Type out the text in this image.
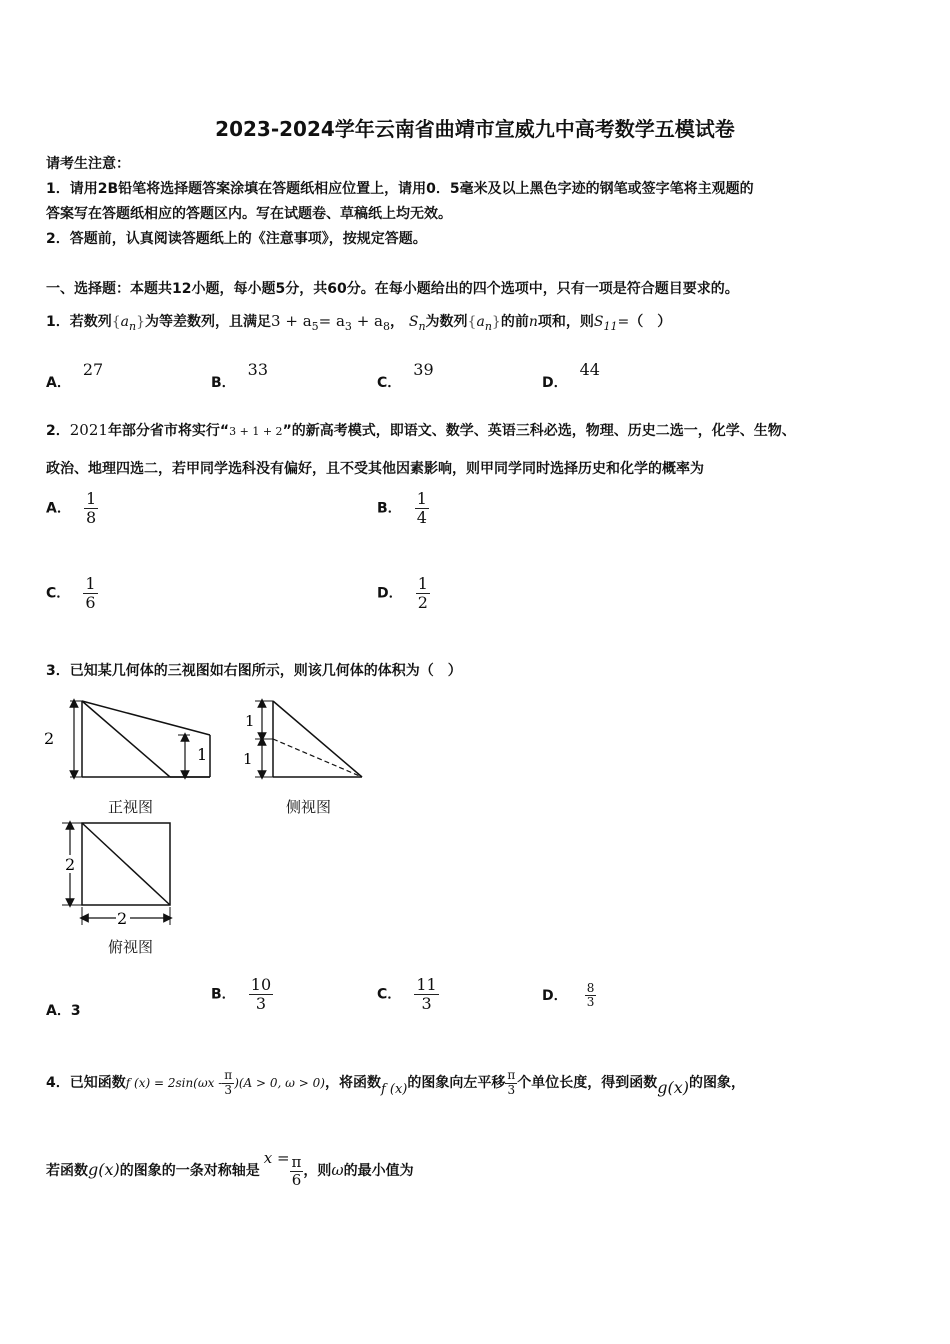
2023-2024学年云南省曲靖市宣威九中高考数学五模试卷
请考生注意：
1．请用2B铅笔将选择题答案涂填在答题纸相应位置上，请用0．5毫米及以上黑色字迹的钢笔或签字笔将主观题的
答案写在答题纸相应的答题区内。写在试题卷、草稿纸上均无效。
2．答题前，认真阅读答题纸上的《注意事项》，按规定答题。
一、选择题：本题共12小题，每小题5分，共60分。在每小题给出的四个选项中，只有一项是符合题目要求的。
1．若数列$\{a_n\}$为等差数列，且满足$3 + a_5= a_3 + a_8$， $S_n$为数列$\{a_n\}$的前n项和，则$S_{11}=$（　）
A．27
B．33
C．39
D．44
2．2021年部分省市将实行“3 + 1 + 2”的新高考模式，即语文、数学、英语三科必选，物理、历史二选一，化学、生物、
政治、地理四选二，若甲同学选科没有偏好，且不受其他因素影响，则甲同学同时选择历史和化学的概率为
A． $\frac{1}{8}$	B． $\frac{1}{4}$
C． $\frac{1}{6}$	D． $\frac{1}{2}$
3．已知某几何体的三视图如右图所示，则该几何体的体积为（　）
2
1
正视图
1
1
侧视图
2
2
俯视图
A．3
B． $\frac{10}{3}$	C． $\frac{11}{3}$	D． $\frac{8}{3}$
4．已知函数f $(x) = 2\sin(\omega x - \frac{\pi}{3} )(A > 0$, ω > 0)，将函数f (x)的图象向左平移 $\frac{\pi}{3}$ 个单位长度，得到函数g(x)的图象，
若函数g(x)的图象的一条对称轴是$x = \frac{\pi}{6}$ ，则ω的最小值为
